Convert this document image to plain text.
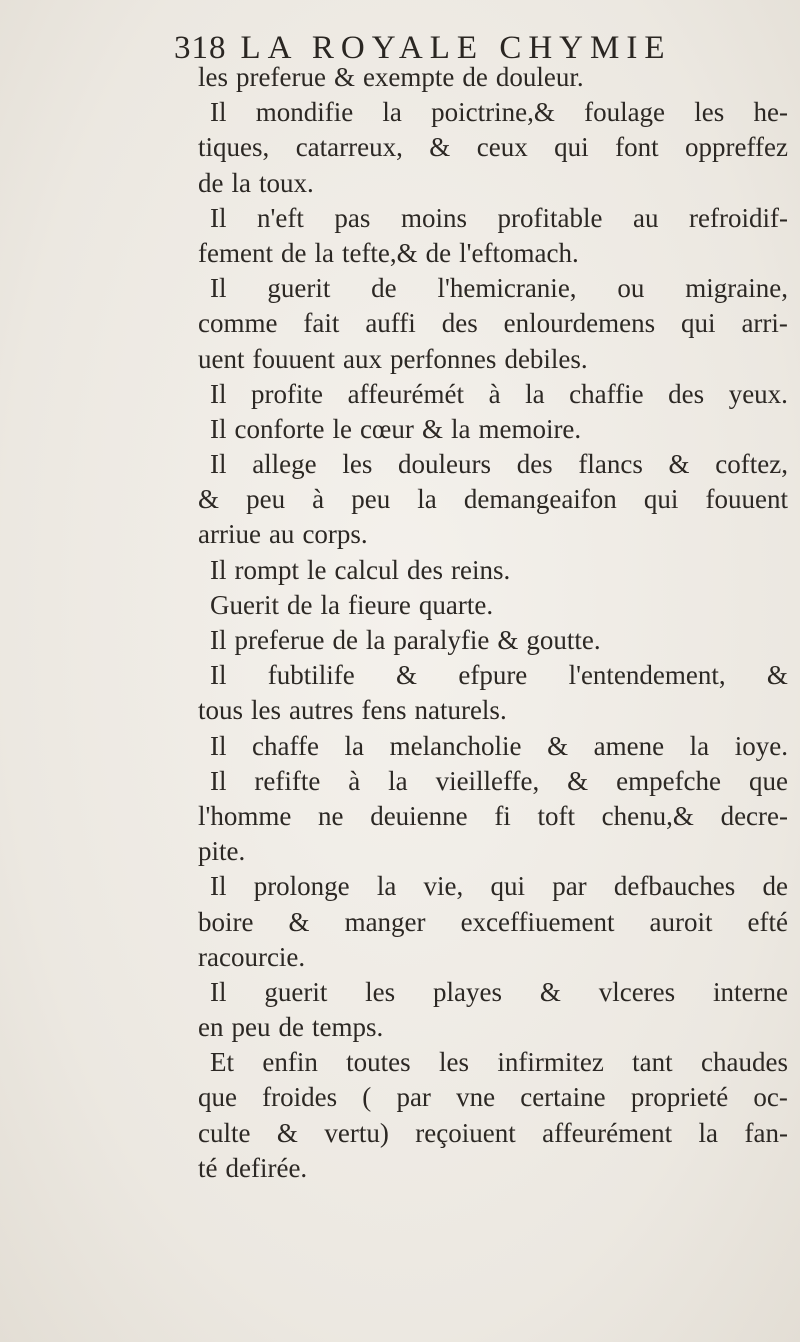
318 LA ROYALE CHYMIE
les preferue & exempte de douleur.
Il mondifie la poictrine,& foulage les he-
tiques, catarreux, & ceux qui font oppreffez
de la toux.
Il n'eft pas moins profitable au refroidif-
fement de la tefte,& de l'eftomach.
Il guerit de l'hemicranie, ou migraine,
comme fait auffi des enlourdemens qui arri-
uent fouuent aux perfonnes debiles.
Il profite affeurémét à la chaffie des yeux.
Il conforte le cœur & la memoire.
Il allege les douleurs des flancs & coftez,
& peu à peu la demangeaifon qui fouuent
arriue au corps.
Il rompt le calcul des reins.
Guerit de la fieure quarte.
Il preferue de la paralyfie & goutte.
Il fubtilife & efpure l'entendement, &
tous les autres fens naturels.
Il chaffe la melancholie & amene la ioye.
Il refifte à la vieilleffe, & empefche que
l'homme ne deuienne fi toft chenu,& decre-
pite.
Il prolonge la vie, qui par defbauches de
boire & manger exceffiuement auroit efté
racourcie.
Il guerit les playes & vlceres interne
en peu de temps.
Et enfin toutes les infirmitez tant chaudes
que froides ( par vne certaine proprieté oc-
culte & vertu) reçoiuent affeurément la fan-
té defirée.
